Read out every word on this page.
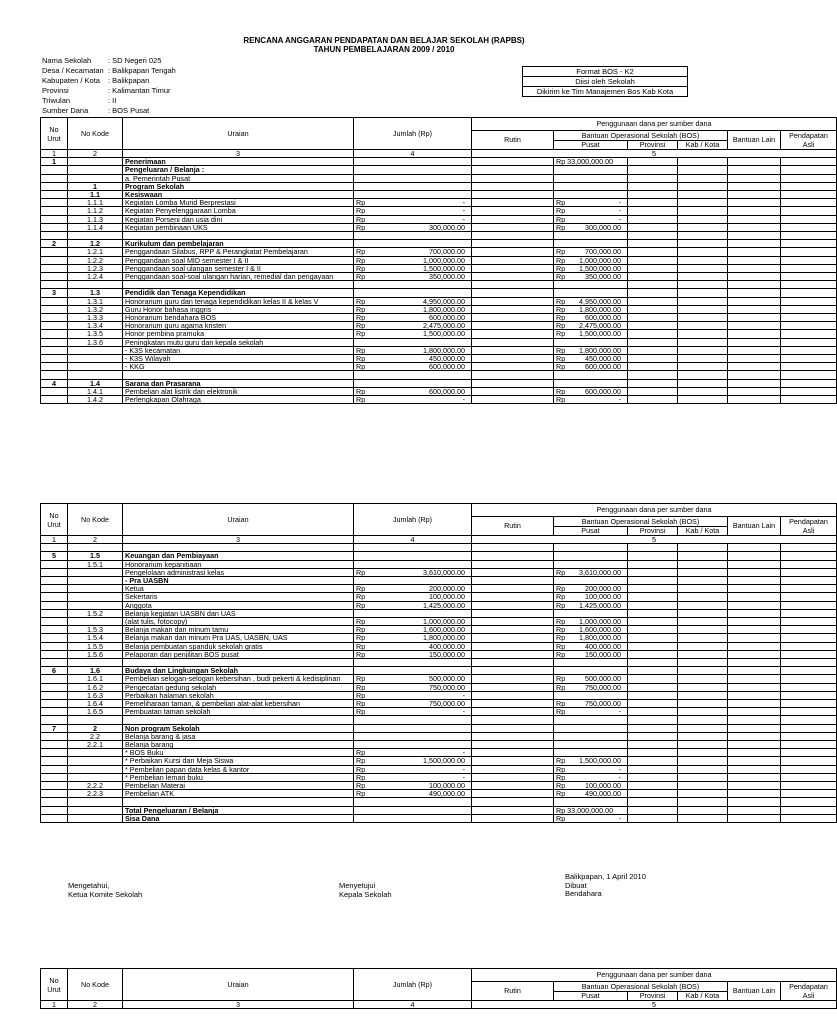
RENCANA ANGGARAN PENDAPATAN DAN BELAJAR SEKOLAH (RAPBS)
TAHUN PEMBELAJARAN 2009 / 2010
Nama Sekolah	: SD Negeri 025
Desa / Kecamatan : Balikpapan Tengah
Kabupaten / Kota	: Balikpapan
Provinsi	: Kalimantan Timur
Triwulan	: II
Sumber Dana	: BOS Pusat
Format BOS - K2
Diisi oleh Sekolah
Dikirim ke Tim Manajemen Bos Kab Kota
No Urut	No Kode	Uraian	Jumlah (Rp)	Penggunaan dana per sumber dana					
				Rutin	Bantuan Operasional Sekolah (BOS)			Bantuan Lain	Pendapatan Asli
					Pusat	Provinsi	Kab / Kota		
1	2	3	4	5					
1		Penerimaan			Rp 33,000,000.00				
		Pengeluaran / Belanja :							
		a. Pemerintah Pusat							
	1	Program Sekolah							
	1.1	Kesiswaan							
	1.1.1	Kegiatan Lomba Murid Berprestasi	Rp -		Rp -				

	1.1.2	Kegiatan Penyelenggaraan Lomba	Rp -		Rp -				

	1.1.3	Kegiatan Porseni dan usia dini	Rp -		Rp -				

	1.1.4	Kegiatan pembinaan UKS	Rp 300,000.00		Rp 300,000.00				

2	1.2	Kurikulum dan pembelajaran							
	1.2.1	Penggandaan Silabus, RPP & Perangkatat Pembelajaran	Rp 700,000.00		Rp 700,000.00				

	1.2.2	Penggandaan soal MID semester I & II	Rp 1,000,000.00		Rp 1,000,000.00				

	1.2.3	Penggandaan soal ulangan semester I & II	Rp 1,500,000.00		Rp 1,500,000.00				

	1.2.4	Penggandaan soal-soal ulangan harian, remedial dan pengayaan	Rp 350,000.00		Rp 350,000.00				

3	1.3	Pendidik dan Tenaga Kependidikan							
	1.3.1	Honorarium guru dan tenaga kependidikan kelas II & kelas V	Rp 4,950,000.00		Rp 4,950,000.00				

	1.3.2	Guru Honor bahasa inggris	Rp 1,800,000.00		Rp 1,800,000.00				

	1.3.3	Honorarium bendahara BOS	Rp 600,000.00		Rp 600,000.00				

	1.3.4	Honorarium guru agama kristen	Rp 2,475,000.00		Rp 2,475,000.00				

	1.3.5	Honor pembina pramuka	Rp 1,500,000.00		Rp 1,500,000.00				

	1.3.6	Peningkatan mutu guru dan kepala sekolah							
		- K3S kecamatan	Rp 1,800,000.00		Rp 1,800,000.00				

		- K3S Wilayah	Rp 450,000.00		Rp 450,000.00				

		- KKG	Rp 600,000.00		Rp 600,000.00				

4	1.4	Sarana dan Prasarana							
	1.4.1	Pembelian alat listrik dan elektronik	Rp 600,000.00		Rp 600,000.00				

	1.4.2	Perlengkapan Olahraga	Rp -		Rp -				

No Urut	No Kode	Uraian	Jumlah (Rp)	Penggunaan dana per sumber dana					
				Rutin	Bantuan Operasional Sekolah (BOS)			Bantuan Lain	Pendapatan Asli
					Pusat	Provinsi	Kab / Kota		
1	2	3	4	5					

5	1.5	Keuangan dan Pembiayaan							
	1.5.1	Honorarium kepanitiaan							
		Pengelolaan administrasi kelas	Rp 3,610,000.00		Rp 3,610,000.00				

		- Pra UASBN							
		Ketua	Rp 200,000.00		Rp 200,000.00				

		Sekertaris	Rp 100,000.00		Rp 100,000.00				

		Anggota	Rp 1,425,000.00		Rp 1,425,000.00				

	1.5.2	Belanja kegiatan UASBN dan UAS							
		(alat tulis, fotocopy)	Rp 1,000,000.00		Rp 1,000,000.00				

	1.5.3	Belanja makan dan minum tamu	Rp 1,600,000.00		Rp 1,600,000.00				

	1.5.4	Belanja makan dan minum Pra UAS, UASBN, UAS	Rp 1,800,000.00		Rp 1,800,000.00				

	1.5.5	Belanja pembuatan spanduk sekolah gratis	Rp 400,000.00		Rp 400,000.00				

	1.5.6	Pelaporan dan penjilitan BOS pusat	Rp 150,000.00		Rp 150,000.00				

6	1.6	Budaya dan Lingkungan Sekolah							
	1.6.1	Pembelian selogan-selogan kebersihan , budi pekerti & kedisiplinan	Rp 500,000.00		Rp 500,000.00				

	1.6.2	Pengecatan gedung sekolah	Rp 750,000.00		Rp 750,000.00				

	1.6.3	Perbaikan halaman sekolah	Rp -						

	1.6.4	Pemeliharaan taman, & pembelian alat-alat kebersihan	Rp 750,000.00		Rp 750,000.00				

	1.6.5	Pembuatan taman sekolah	Rp -		Rp -				

7	2	Non program Sekolah							
	2.2	Belanja barang & jasa							
	2.2.1	Belanja barang							
		* BOS Buku	Rp -						

		* Perbaikan Kursi dan Meja Siswa	Rp 1,500,000.00		Rp 1,500,000.00				

		* Pembelian papan data kelas & kantor	Rp -		Rp -				

		* Pembelian lemari buku	Rp -		Rp -				

	2.2.2	Pembelian Materai	Rp 100,000.00		Rp 100,000.00				

	2.2.3	Pembelian ATK	Rp 490,000.00		Rp 490,000.00				

		Total Pengeluaran / Belanja			Rp 33,000,000.00				
		Sisa Dana			Rp -				

No Urut	No Kode	Uraian	Jumlah (Rp)	Penggunaan dana per sumber dana					
				Rutin	Bantuan Operasional Sekolah (BOS)			Bantuan Lain	Pendapatan Asli
					Pusat	Provinsi	Kab / Kota		
1	2	3	4	5					
Mengetahui,
Ketua Komite Sekolah
Menyetujui
Kepala Sekolah
Balikpapan, 1 April 2010
Dibuat
Bendahara
